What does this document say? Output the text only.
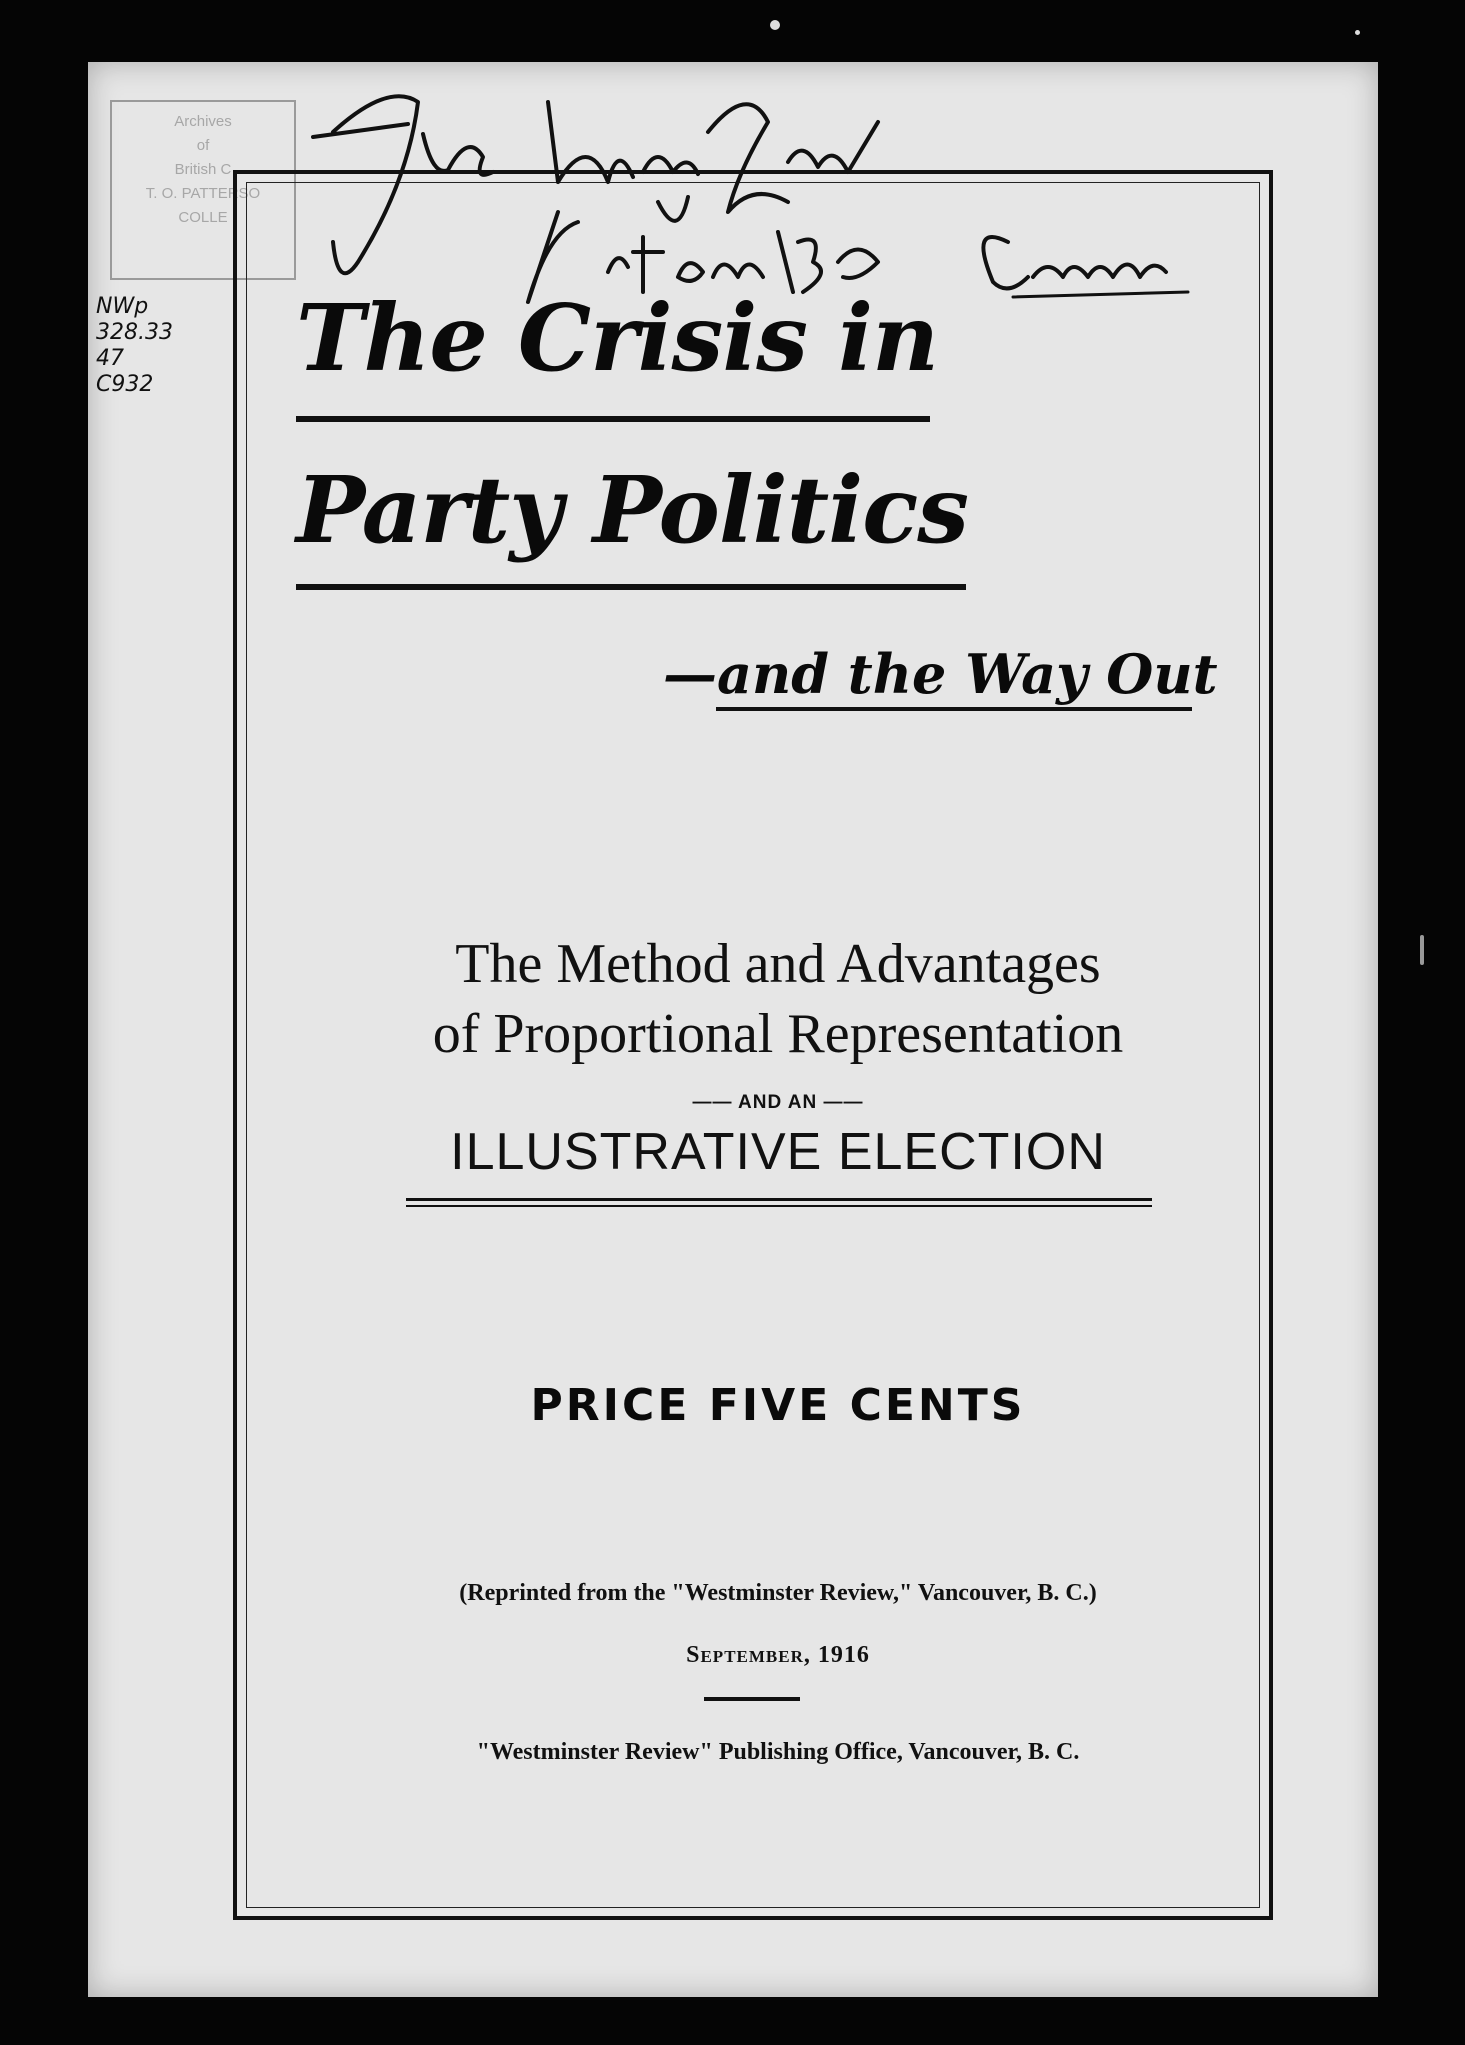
Archives
of
British C
T. O. PATTERSO
COLLE
NWp
328.33 47
C932	The Crisis in
Party Politics
—and the Way Out
The Method and Advantages
of Proportional Representation
—— AND AN ——
ILLUSTRATIVE ELECTION
PRICE FIVE CENTS
(Reprinted from the "Westminster Review," Vancouver, B. C.)
September, 1916
"Westminster Review" Publishing Office, Vancouver, B. C.
